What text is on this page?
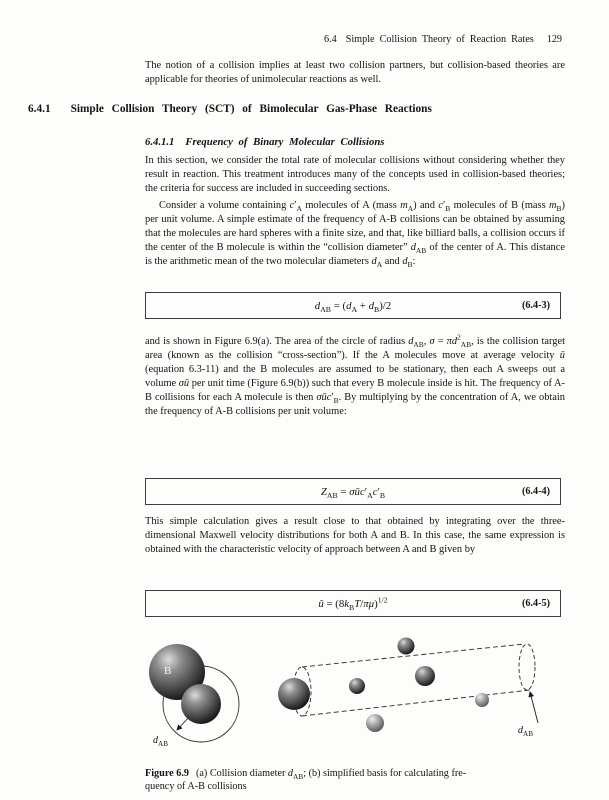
6.4 Simple Collision Theory of Reaction Rates 129

The notion of a collision implies at least two collision partners, but collision-based theories are applicable for theories of unimolecular reactions as well.

6.4.1 Simple Collision Theory (SCT) of Bimolecular Gas-Phase Reactions
6.4.1.1 Frequency of Binary Molecular Collisions

In this section, we consider the total rate of molecular collisions without considering whether they result in reaction. This treatment introduces many of the concepts used in collision-based theories; the criteria for success are included in succeeding sections.

Consider a volume containing $c'_A$ molecules of A (mass $m_A$) and $c'_B$ molecules of B (mass $m_B$) per unit volume. A simple estimate of the frequency of A-B collisions can be obtained by assuming that the molecules are hard spheres with a finite size, and that, like billiard balls, a collision occurs if the center of the B molecule is within the “collision diameter” $d_{AB}$ of the center of A. This distance is the arithmetic mean of the two molecular diameters $d_A$ and $d_B$:

$d_{AB} = (d_A + d_B)/2$	(6.4-3)

and is shown in Figure 6.9(a). The area of the circle of radius $d_{AB}$, $\sigma = \pi d^2_{AB}$, is the collision target area (known as the collision “cross-section”). If the A molecules move at average velocity ū (equation 6.3-11) and the B molecules are assumed to be stationary, then each A sweeps out a volume σū per unit time (Figure 6.9(b)) such that every B molecule inside is hit. The frequency of A-B collisions for each A molecule is then $\sigma ūc'_B$. By multiplying by the concentration of A, we obtain the frequency of A-B collisions per unit volume:

$Z_{AB}$ = $\sigma ūc'_Ac'_B$	(6.4-4)

This simple calculation gives a result close to that obtained by integrating over the three-dimensional Maxwell velocity distributions for both A and B. In this case, the same expression is obtained with the characteristic velocity of approach between A and B given by

ū = $(8k_BT/\pi\mu)^{1/2}$	(6.4-5)
B
$d_{AB}$
$d_{AB}$
Figure 6.9 (a) Collision diameter $d_{AB}$; (b) simplified basis for calculating fre-
quency of A-B collisions
